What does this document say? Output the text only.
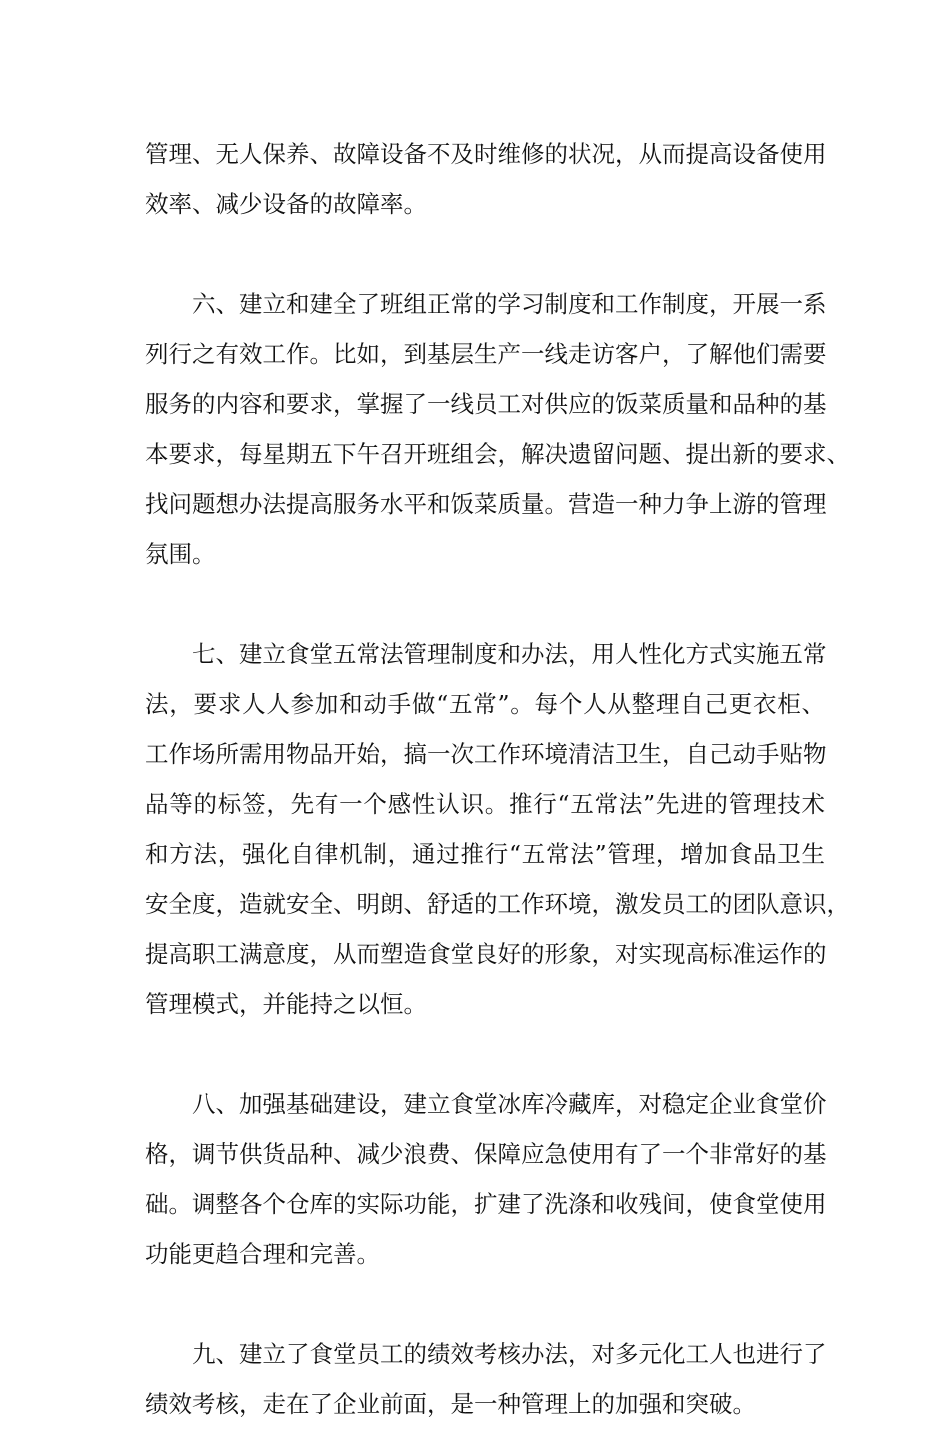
管理、无人保养、故障设备不及时维修的状况，从而提高设备使用
效率、减少设备的故障率。
六、建立和建全了班组正常的学习制度和工作制度，开展一系
列行之有效工作。比如，到基层生产一线走访客户，了解他们需要
服务的内容和要求，掌握了一线员工对供应的饭菜质量和品种的基
本要求，每星期五下午召开班组会，解决遗留问题、提出新的要求、
找问题想办法提高服务水平和饭菜质量。营造一种力争上游的管理
氛围。
七、建立食堂五常法管理制度和办法，用人性化方式实施五常
法，要求人人参加和动手做“五常”。每个人从整理自己更衣柜、
工作场所需用物品开始，搞一次工作环境清洁卫生，自己动手贴物
品等的标签，先有一个感性认识。推行“五常法”先进的管理技术
和方法，强化自律机制，通过推行“五常法”管理，增加食品卫生
安全度，造就安全、明朗、舒适的工作环境，激发员工的团队意识，
提高职工满意度，从而塑造食堂良好的形象，对实现高标准运作的
管理模式，并能持之以恒。
八、加强基础建设，建立食堂冰库冷藏库，对稳定企业食堂价
格，调节供货品种、减少浪费、保障应急使用有了一个非常好的基
础。调整各个仓库的实际功能，扩建了洗涤和收残间，使食堂使用
功能更趋合理和完善。
九、建立了食堂员工的绩效考核办法，对多元化工人也进行了
绩效考核，走在了企业前面，是一种管理上的加强和突破。
